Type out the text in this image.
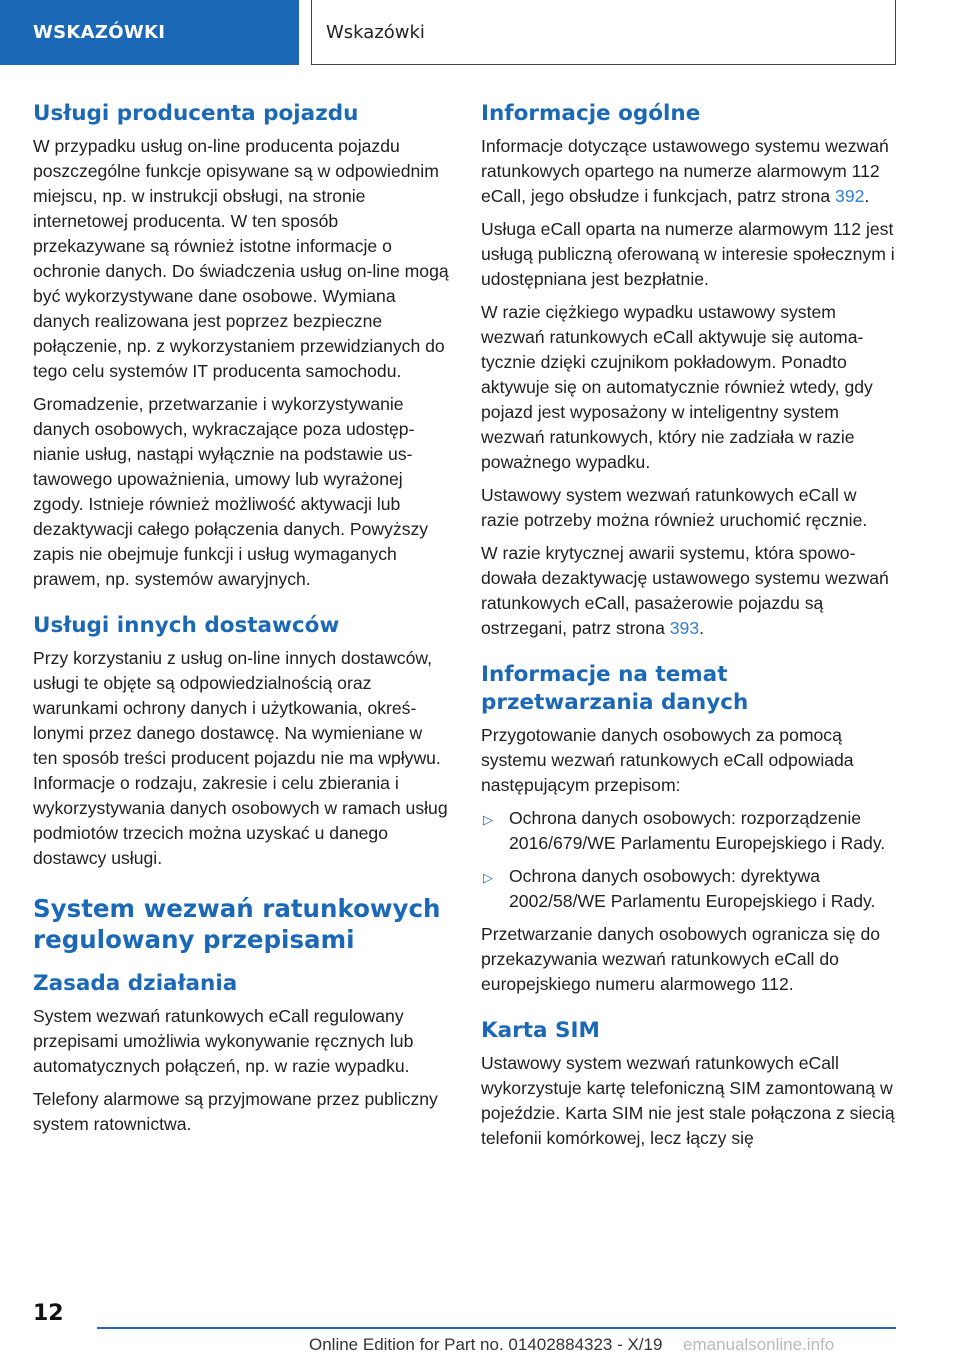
WSKAZÓWKI	Wskazówki
Usługi producenta pojazdu

W przypadku usług on-line producenta pojazdu poszczególne funkcje opisywane są w odpowiednim miejscu, np. w instrukcji obsługi, na stronie internetowej producenta. W ten sposób przekazywane są również istotne informacje o ochronie danych. Do świadczenia usług on-line mogą być wykorzystywane dane osobowe. Wymiana danych realizowana jest poprzez bezpieczne połączenie, np. z wykorzystaniem przewidzianych do tego celu systemów IT producenta samochodu.

Gromadzenie, przetwarzanie i wykorzystywanie danych osobowych, wykraczające poza udostępnianie usług, nastąpi wyłącznie na podstawie ustawowego upoważnienia, umowy lub wyrażonej zgody. Istnieje również możliwość aktywacji lub dezaktywacji całego połączenia danych. Powyższy zapis nie obejmuje funkcji i usług wymaganych prawem, np. systemów awaryjnych.

Usługi innych dostawców

Przy korzystaniu z usług on-line innych dostawców, usługi te objęte są odpowiedzialnością oraz warunkami ochrony danych i użytkowania, określonymi przez danego dostawcę. Na wymieniane w ten sposób treści producent pojazdu nie ma wpływu. Informacje o rodzaju, zakresie i celu zbierania i wykorzystywania danych osobowych w ramach usług podmiotów trzecich można uzyskać u danego dostawcy usługi.

System wezwań ratunkowych regulowany przepisami
Zasada działania

System wezwań ratunkowych eCall regulowany przepisami umożliwia wykonywanie ręcznych lub automatycznych połączeń, np. w razie wypadku.

Telefony alarmowe są przyjmowane przez publiczny system ratownictwa.

Informacje ogólne

Informacje dotyczące ustawowego systemu wezwań ratunkowych opartego na numerze alarmowym 112 eCall, jego obsłudze i funkcjach, patrz strona 392.

Usługa eCall oparta na numerze alarmowym 112 jest usługą publiczną oferowaną w interesie społecznym i udostępniana jest bezpłatnie.

W razie ciężkiego wypadku ustawowy system wezwań ratunkowych eCall aktywuje się automatycznie dzięki czujnikom pokładowym. Ponadto aktywuje się on automatycznie również wtedy, gdy pojazd jest wyposażony w inteligentny system wezwań ratunkowych, który nie zadziała w razie poważnego wypadku.

Ustawowy system wezwań ratunkowych eCall w razie potrzeby można również uruchomić ręcznie.

W razie krytycznej awarii systemu, która spowodowała dezaktywację ustawowego systemu wezwań ratunkowych eCall, pasażerowie pojazdu są ostrzegani, patrz strona 393.

Informacje na temat przetwarzania danych

Przygotowanie danych osobowych za pomocą systemu wezwań ratunkowych eCall odpowiada następującym przepisom:

▷ Ochrona danych osobowych: rozporządzenie 2016/679/WE Parlamentu Europejskiego i Rady.
▷ Ochrona danych osobowych: dyrektywa 2002/58/WE Parlamentu Europejskiego i Rady.

Przetwarzanie danych osobowych ogranicza się do przekazywania wezwań ratunkowych eCall do europejskiego numeru alarmowego 112.

Karta SIM

Ustawowy system wezwań ratunkowych eCall wykorzystuje kartę telefoniczną SIM zamontowaną w pojeździe. Karta SIM nie jest stale połączona z siecią telefonii komórkowej, lecz łączy się

12
Online Edition for Part no. 01402884323 - X/19 emanualsonline.info
